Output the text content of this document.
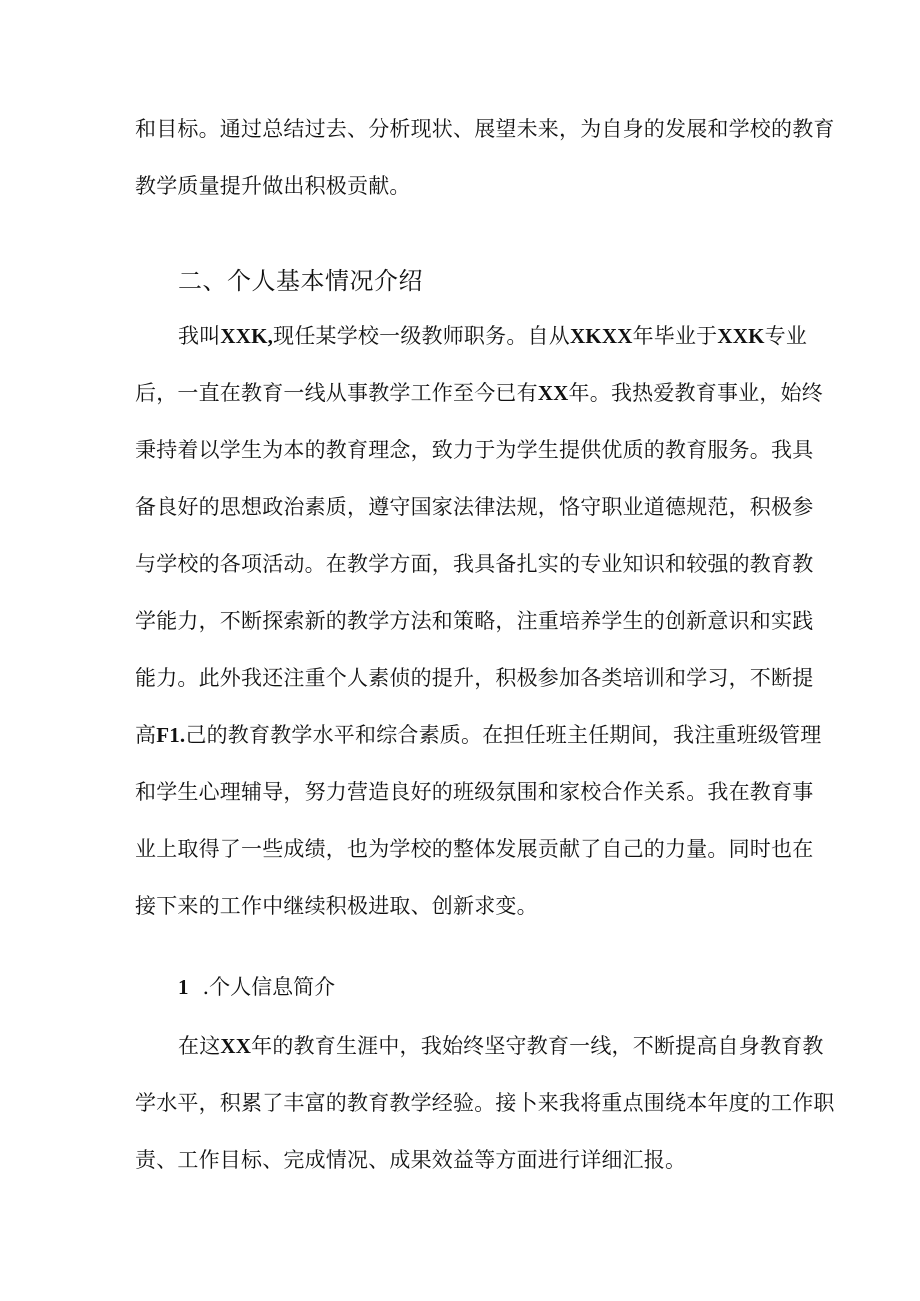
和目标。通过总结过去、分析现状、展望未来，为自身的发展和学校的教育
教学质量提升做出积极贡献。
二、个人基本情况介绍
我叫XXK,现任某学校一级教师职务。自从XKXX年毕业于XXK专业
后，一直在教育一线从事教学工作至今已有XX年。我热爱教育事业，始终
秉持着以学生为本的教育理念，致力于为学生提供优质的教育服务。我具
备良好的思想政治素质，遵守国家法律法规，恪守职业道德规范，积极参
与学校的各项活动。在教学方面，我具备扎实的专业知识和较强的教育教
学能力，不断探索新的教学方法和策略，注重培养学生的创新意识和实践
能力。此外我还注重个人素侦的提升，积极参加各类培训和学习，不断提
高F1.己的教育教学水平和综合素质。在担任班主任期间，我注重班级管理
和学生心理辅导，努力营造良好的班级氛围和家校合作关系。我在教育事
业上取得了一些成绩，也为学校的整体发展贡献了自己的力量。同时也在
接下来的工作中继续积极进取、创新求变。
1 .个人信息简介
在这XX年的教育生涯中，我始终坚守教育一线，不断提高自身教育教
学水平，积累了丰富的教育教学经验。接卜来我将重点围绕本年度的工作职
责、工作目标、完成情况、成果效益等方面进行详细汇报。
